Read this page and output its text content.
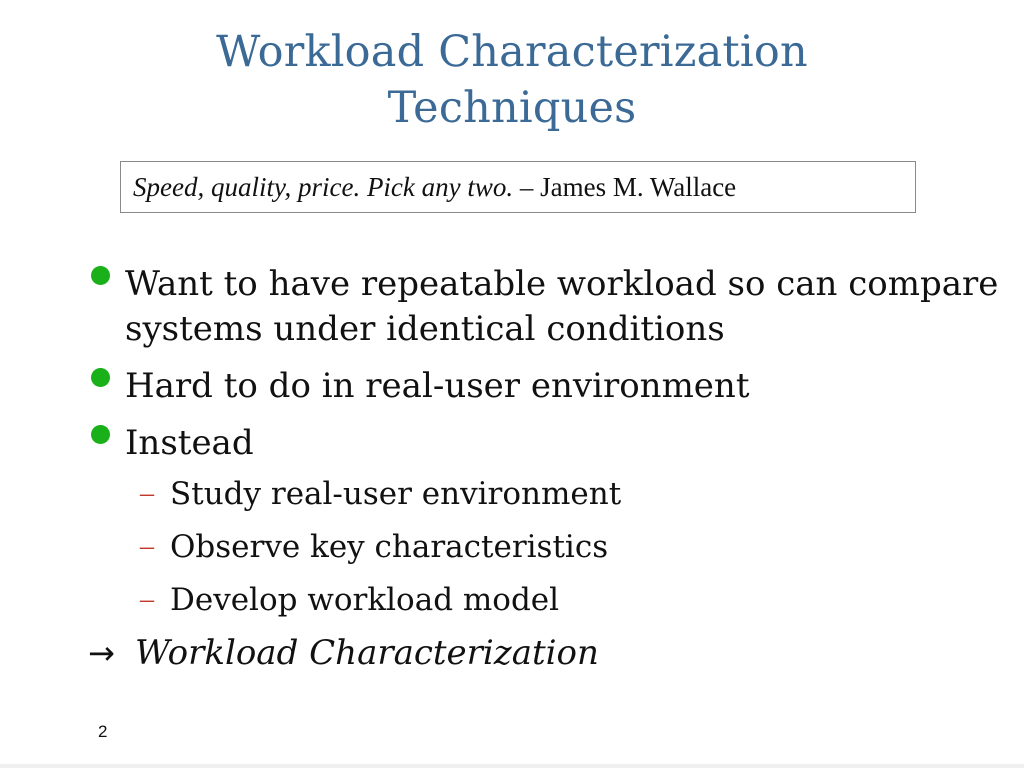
Workload Characterization
Techniques
Speed, quality, price. Pick any two. – James M. Wallace
Want to have repeatable workload so can compare systems under identical conditions
Hard to do in real-user environment
Instead
– Study real-user environment
– Observe key characteristics
– Develop workload model
→ Workload Characterization
2
